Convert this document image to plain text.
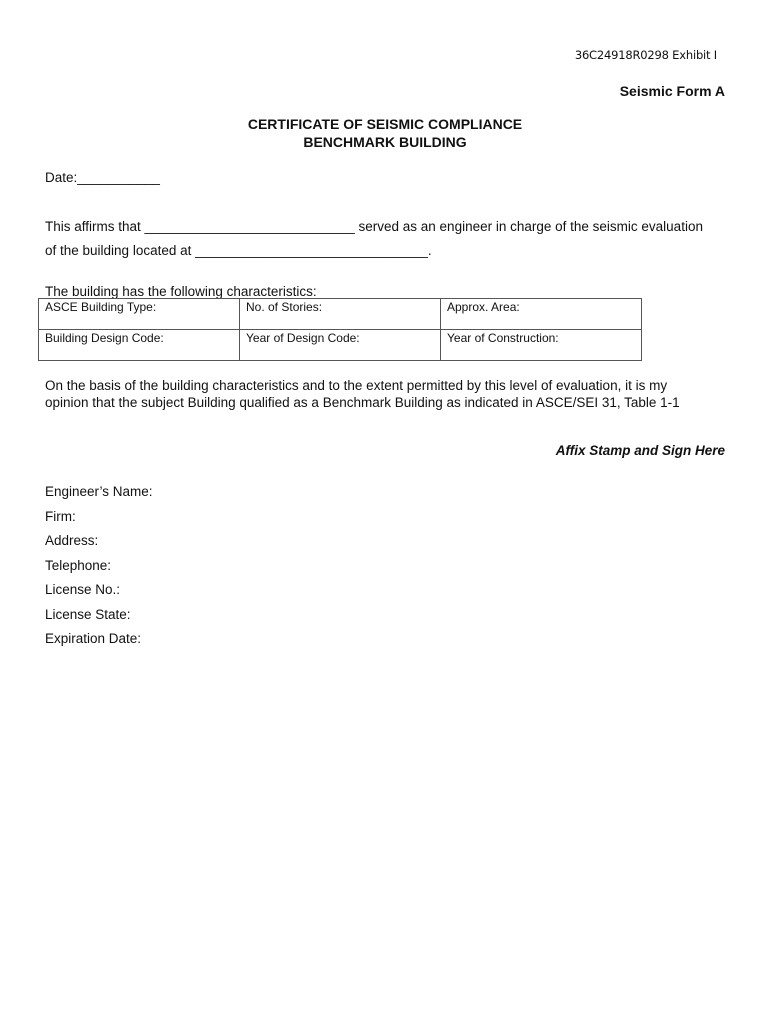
36C24918R0298 Exhibit I
Seismic Form A
CERTIFICATE OF SEISMIC COMPLIANCE
BENCHMARK BUILDING
Date:___________
This affirms that ____________________________ served as an engineer in charge of the seismic evaluation
of the building located at _______________________________.
The building has the following characteristics:
ASCE Building Type:	No. of Stories:	Approx. Area:
Building Design Code:	Year of Design Code:	Year of Construction:
On the basis of the building characteristics and to the extent permitted by this level of evaluation, it is my
opinion that the subject Building qualified as a Benchmark Building as indicated in ASCE/SEI 31, Table 1-1
Affix Stamp and Sign Here
Engineer’s Name:
Firm:
Address:
Telephone:
License No.:
License State:
Expiration Date:
